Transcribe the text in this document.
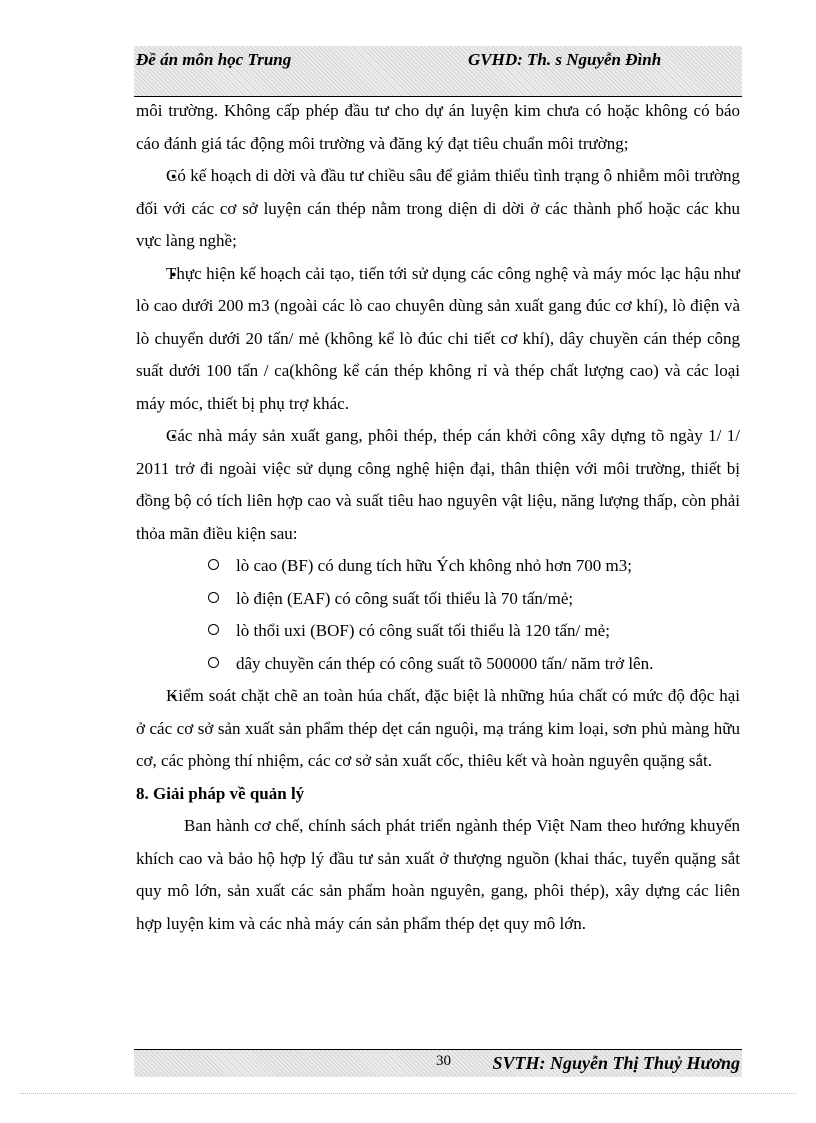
Đề án môn học Trung	GVHD: Th. s Nguyễn Đình

môi trường. Không cấp phép đầu tư cho dự án luyện kim chưa có hoặc không có báo cáo đánh giá tác động môi trường và đăng ký đạt tiêu chuẩn môi trường;

● Có kế hoạch di dời và đầu tư chiều sâu để giảm thiểu tình trạng ô nhiễm môi trường đối với các cơ sở luyện cán thép nằm trong diện di dời ở các thành phố hoặc các khu vực làng nghề;

● Thực hiện kế hoạch cải tạo, tiến tới sử dụng các công nghệ và máy móc lạc hậu như lò cao dưới 200 m3 (ngoài các lò cao chuyên dùng sản xuất gang đúc cơ khí), lò điện và lò chuyển dưới 20 tấn/ mẻ (không kể lò đúc chi tiết cơ khí), dây chuyền cán thép công suất dưới 100 tấn / ca(không kể cán thép không rỉ và thép chất lượng cao) và các loại máy móc, thiết bị phụ trợ khác.

● Các nhà máy sản xuất gang, phôi thép, thép cán khởi công xây dựng tõ ngày 1/ 1/ 2011 trở đi ngoài việc sử dụng công nghệ hiện đại, thân thiện với môi trường, thiết bị đồng bộ có tích liên hợp cao và suất tiêu hao nguyên vật liệu, năng lượng thấp, còn phải thỏa mãn điều kiện sau:

lò cao (BF) có dung tích hữu Ých không nhỏ hơn 700 m3;

lò điện (EAF) có công suất tối thiểu là 70 tấn/mẻ;

lò thổi uxi (BOF) có công suất tối thiểu là 120 tấn/ mẻ;

dây chuyền cán thép có công suất tõ 500000 tấn/ năm trở lên.

● Kiểm soát chặt chẽ an toàn húa chất, đặc biệt là những húa chất có mức độ độc hại ở các cơ sở sản xuất sản phẩm thép dẹt cán nguội, mạ tráng kim loại, sơn phủ màng hữu cơ, các phòng thí nhiệm, các cơ sở sản xuất cốc, thiêu kết và hoàn nguyên quặng sắt.

8. Giải pháp về quản lý

Ban hành cơ chế, chính sách phát triển ngành thép Việt Nam theo hướng khuyến khích cao và bảo hộ hợp lý đầu tư sản xuất ở thượng nguồn (khai thác, tuyển quặng sắt quy mô lớn, sản xuất các sản phẩm hoàn nguyên, gang, phôi thép), xây dựng các liên hợp luyện kim và các nhà máy cán sản phẩm thép dẹt quy mô lớn.

30 SVTH: Nguyễn Thị Thuỷ Hương
